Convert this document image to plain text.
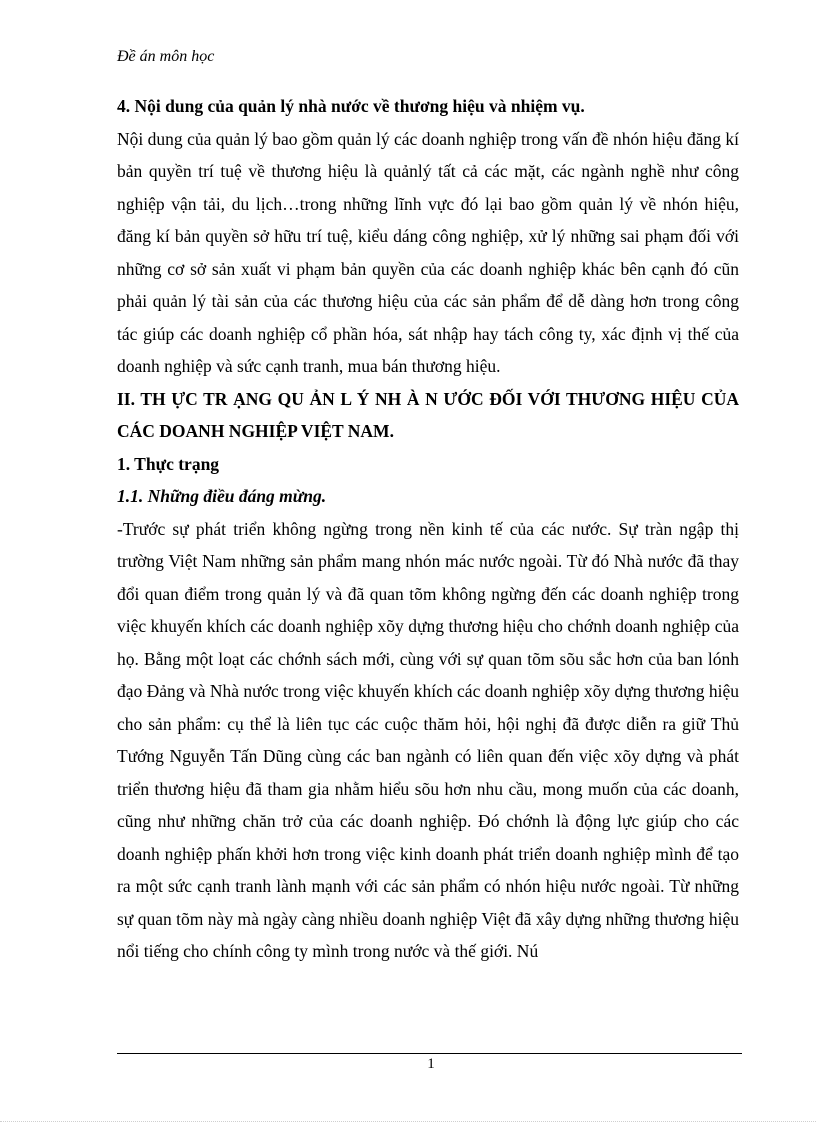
Đề án môn học

4. Nội dung của quản lý nhà nước về thương hiệu và nhiệm vụ.

Nội dung của quản lý bao gồm quản lý các doanh nghiệp trong vấn đề nhón hiệu đăng kí bản quyền trí tuệ về thương hiệu là quảnlý tất cả các mặt, các ngành nghề như công nghiệp vận tải, du lịch…trong những lĩnh vực đó lại bao gồm quản lý về nhón hiệu, đăng kí bản quyền sở hữu trí tuệ, kiểu dáng công nghiệp, xử lý những sai phạm đối với những cơ sở sản xuất vi phạm bản quyền của các doanh nghiệp khác bên cạnh đó cũn phải quản lý tài sản của các thương hiệu của các sản phẩm để dễ dàng hơn trong công tác giúp các doanh nghiệp cổ phần hóa, sát nhập hay tách công ty, xác định vị thế của doanh nghiệp và sức cạnh tranh, mua bán thương hiệu.

II. TH ỰC TR ẠNG QU ẢN L Ý NH À N ƯỚC ĐỐI VỚI THƯƠNG HIỆU CỦA CÁC DOANH NGHIỆP VIỆT NAM.

1. Thực trạng

1.1. Những điều đáng mừng.

-Trước sự phát triển không ngừng trong nền kinh tế của các nước. Sự tràn ngập thị trường Việt Nam những sản phẩm mang nhón mác nước ngoài. Từ đó Nhà nước đã thay đổi quan điểm trong quản lý và đã quan tõm không ngừng đến các doanh nghiệp trong việc khuyến khích các doanh nghiệp xõy dựng thương hiệu cho chớnh doanh nghiệp của họ. Bằng một loạt các chớnh sách mới, cùng với sự quan tõm sõu sắc hơn của ban lónh đạo Đảng và Nhà nước trong việc khuyến khích các doanh nghiệp xõy dựng thương hiệu cho sản phẩm: cụ thể là liên tục các cuộc thăm hỏi, hội nghị đã được diễn ra giữ Thủ Tướng Nguyễn Tấn Dũng cùng các ban ngành có liên quan đến việc xõy dựng và phát triển thương hiệu đã tham gia nhằm hiểu sõu hơn nhu cầu, mong muốn của các doanh, cũng như những chăn trở của các doanh nghiệp. Đó chớnh là động lực giúp cho các doanh nghiệp phấn khởi hơn trong việc kinh doanh phát triển doanh nghiệp mình để tạo ra một sức cạnh tranh lành mạnh với các sản phẩm có nhón hiệu nước ngoài. Từ những sự quan tõm này mà ngày càng nhiều doanh nghiệp Việt đã xây dựng những thương hiệu nổi tiếng cho chính công ty mình trong nước và thế giới. Nú

1
